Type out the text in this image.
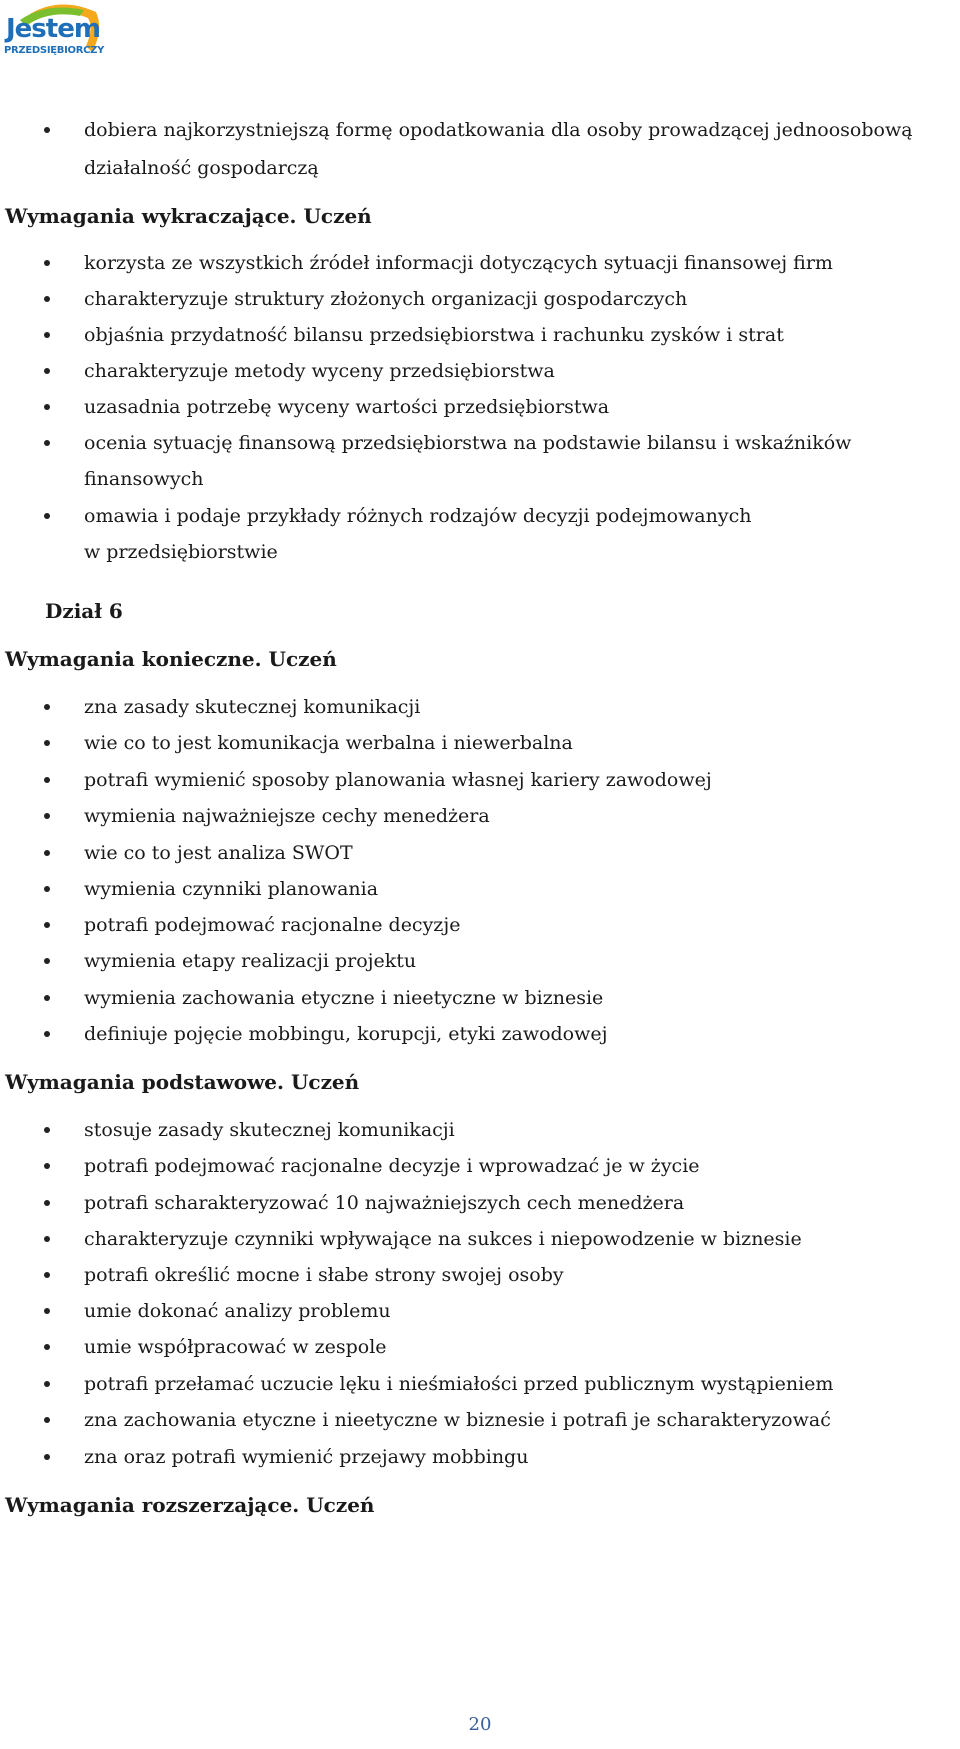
Jestem
PRZEDSIĘBIORCZY
dobiera najkorzystniejszą formę opodatkowania dla osoby prowadzącej jednoosobową
działalność gospodarczą
Wymagania wykraczające. Uczeń
korzysta ze wszystkich źródeł informacji dotyczących sytuacji finansowej firm
charakteryzuje struktury złożonych organizacji gospodarczych
objaśnia przydatność bilansu przedsiębiorstwa i rachunku zysków i strat
charakteryzuje metody wyceny przedsiębiorstwa
uzasadnia potrzebę wyceny wartości przedsiębiorstwa
ocenia sytuację finansową przedsiębiorstwa na podstawie bilansu i wskaźników
finansowych
omawia i podaje przykłady różnych rodzajów decyzji podejmowanych
w przedsiębiorstwie
Dział 6
Wymagania konieczne. Uczeń
zna zasady skutecznej komunikacji
wie co to jest komunikacja werbalna i niewerbalna
potrafi wymienić sposoby planowania własnej kariery zawodowej
wymienia najważniejsze cechy menedżera
wie co to jest analiza SWOT
wymienia czynniki planowania
potrafi podejmować racjonalne decyzje
wymienia etapy realizacji projektu
wymienia zachowania etyczne i nieetyczne w biznesie
definiuje pojęcie mobbingu, korupcji, etyki zawodowej
Wymagania podstawowe. Uczeń
stosuje zasady skutecznej komunikacji
potrafi podejmować racjonalne decyzje i wprowadzać je w życie
potrafi scharakteryzować 10 najważniejszych cech menedżera
charakteryzuje czynniki wpływające na sukces i niepowodzenie w biznesie
potrafi określić mocne i słabe strony swojej osoby
umie dokonać analizy problemu
umie współpracować w zespole
potrafi przełamać uczucie lęku i nieśmiałości przed publicznym wystąpieniem
zna zachowania etyczne i nieetyczne w biznesie i potrafi je scharakteryzować
zna oraz potrafi wymienić przejawy mobbingu
Wymagania rozszerzające. Uczeń
20
